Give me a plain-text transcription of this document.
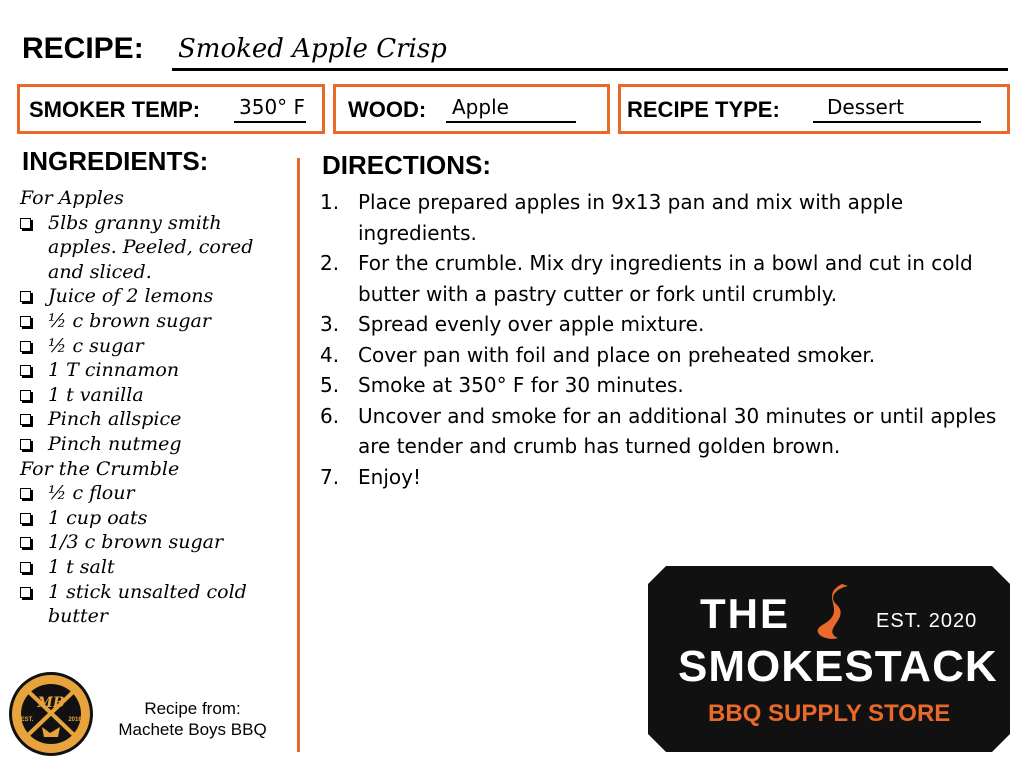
RECIPE: Smoked Apple Crisp
SMOKER TEMP: 350° F WOOD: Apple	RECIPE TYPE: Dessert
INGREDIENTS:
For Apples
5lbs granny smith apples. Peeled, cored and sliced.
Juice of 2 lemons
½ c brown sugar
½ c sugar
1 T cinnamon
1 t vanilla
Pinch allspice
Pinch nutmeg
For the Crumble
½ c flour
1 cup oats
1/3 c brown sugar
1 t salt
1 stick unsalted cold butter
DIRECTIONS:
1. Place prepared apples in 9x13 pan and mix with apple ingredients.
2. For the crumble. Mix dry ingredients in a bowl and cut in cold butter with a pastry cutter or fork until crumbly.
3. Spread evenly over apple mixture.
4. Cover pan with foil and place on preheated smoker.
5. Smoke at 350° F for 30 minutes.
6. Uncover and smoke for an additional 30 minutes or until apples are tender and crumb has turned golden brown.
7. Enjoy!
MB
EST.	2016
Recipe from:
Machete Boys BBQ
THE	EST. 2020
SMOKESTACK
BBQ SUPPLY STORE
